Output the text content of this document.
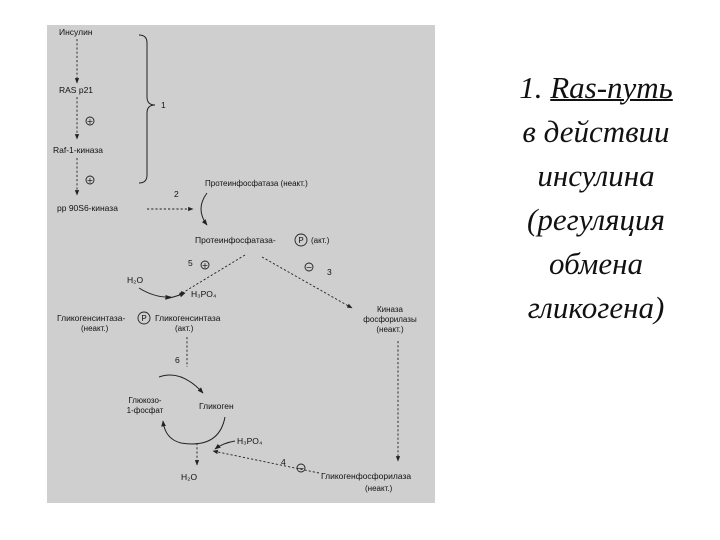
Инсулин
RAS p21
+
Raf-1-киназа
+
pp 90S6-киназа
1
2
Протеинфосфатаза (неакт.)
Протеинфосфатаза-	P (акт.)
5 +	− 3
H₂O
H₃PO₄
Гликогенсинтаза- P
(неакт.)
Гликогенсинтаза
(акт.)
Киназа
фосфорилазы
(неакт.)
6
Глюкозо-
1-фосфат	Гликоген
H₃PO₄
H₂O
4
−
Гликогенфосфорилаза
(неакт.)
1. Ras-путь
в действии
инсулина
(регуляция
обмена
гликогена)
